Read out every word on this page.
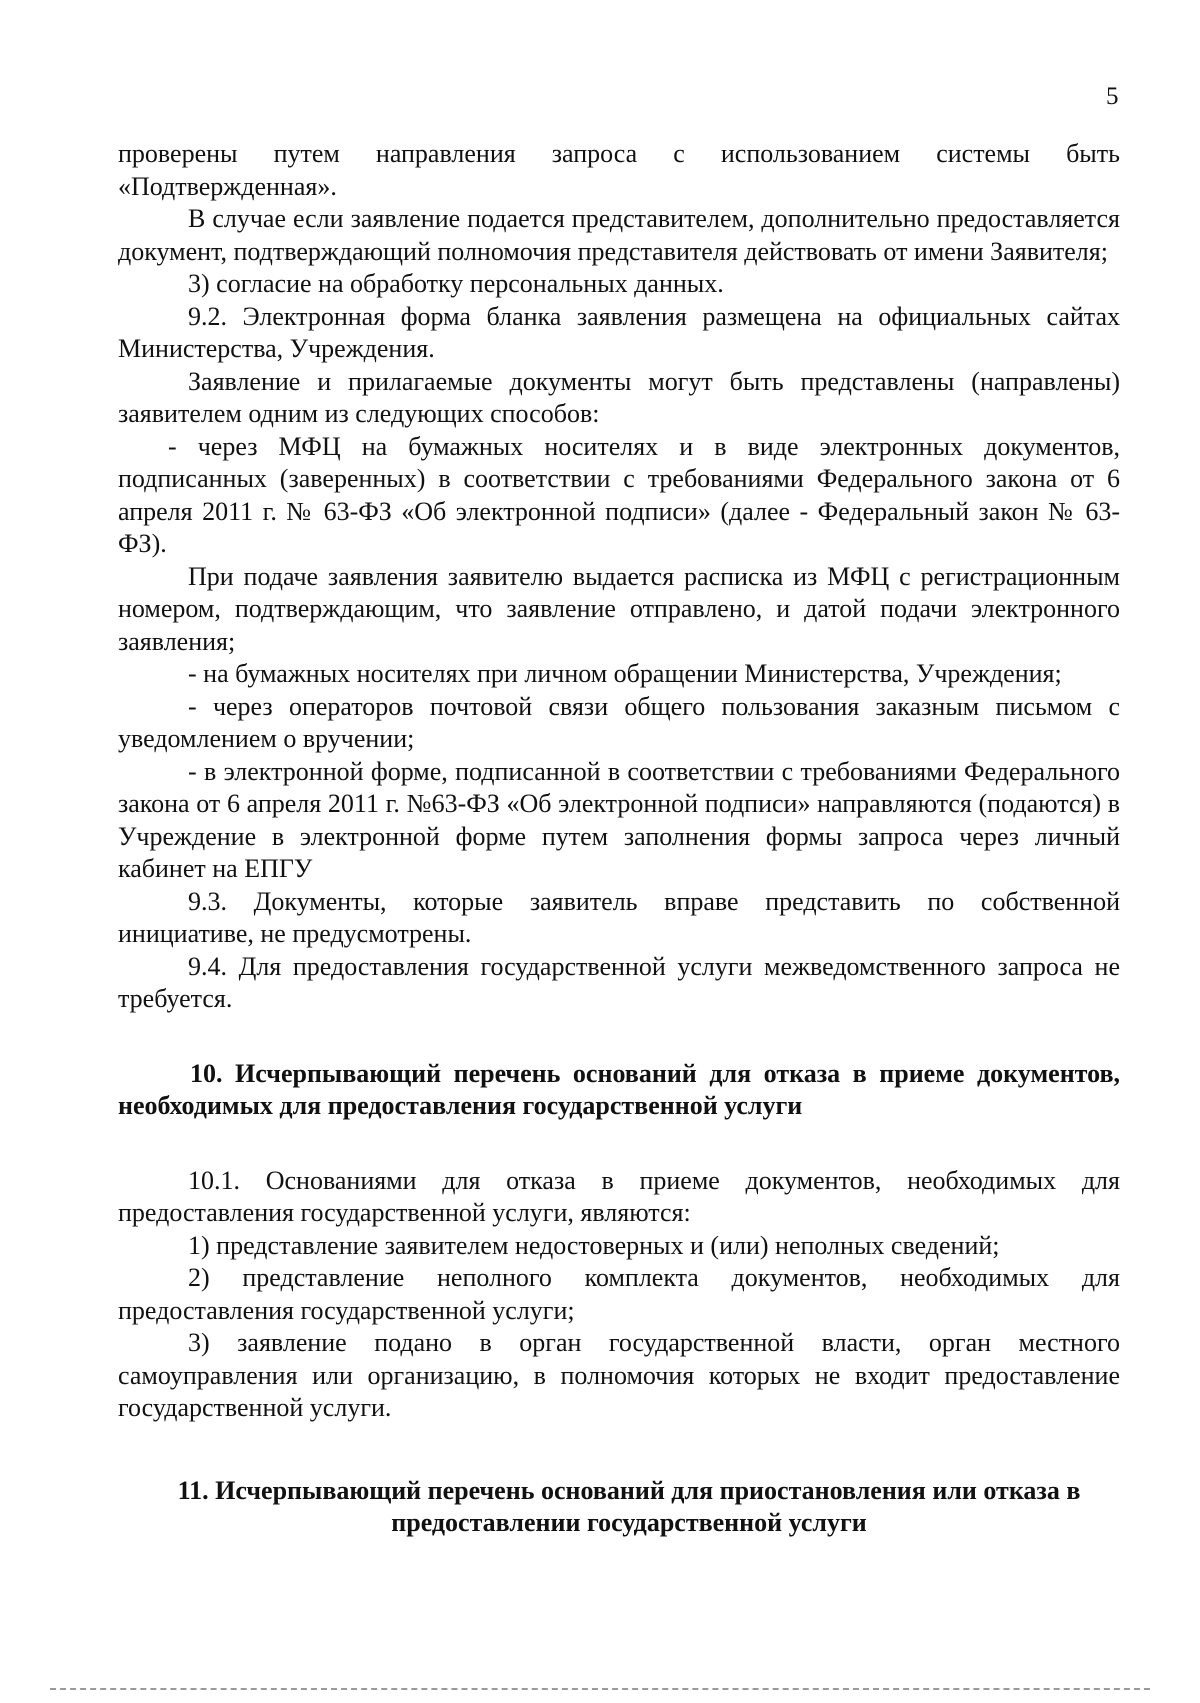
5

проверены путем направления запроса с использованием системы быть «Подтвержденная».

В случае если заявление подается представителем, дополнительно предоставляется документ, подтверждающий полномочия представителя действовать от имени Заявителя;

3) согласие на обработку персональных данных.

9.2. Электронная форма бланка заявления размещена на официальных сайтах Министерства, Учреждения.

Заявление и прилагаемые документы могут быть представлены (направлены) заявителем одним из следующих способов:

- через МФЦ на бумажных носителях и в виде электронных документов, подписанных (заверенных) в соответствии с требованиями Федерального закона от 6 апреля 2011 г. № 63-ФЗ «Об электронной подписи» (далее - Федеральный закон № 63-ФЗ).

При подаче заявления заявителю выдается расписка из МФЦ с регистрационным номером, подтверждающим, что заявление отправлено, и датой подачи электронного заявления;

- на бумажных носителях при личном обращении Министерства, Учреждения;

- через операторов почтовой связи общего пользования заказным письмом с уведомлением о вручении;

- в электронной форме, подписанной в соответствии с требованиями Федерального закона от 6 апреля 2011 г. №63-ФЗ «Об электронной подписи» направляются (подаются) в Учреждение в электронной форме путем заполнения формы запроса через личный кабинет на ЕПГУ

9.3. Документы, которые заявитель вправе представить по собственной инициативе, не предусмотрены.

9.4. Для предоставления государственной услуги межведомственного запроса не требуется.

10. Исчерпывающий перечень оснований для отказа в приеме документов, необходимых для предоставления государственной услуги

10.1. Основаниями для отказа в приеме документов, необходимых для предоставления государственной услуги, являются:

1) представление заявителем недостоверных и (или) неполных сведений;

2) представление неполного комплекта документов, необходимых для предоставления государственной услуги;

3) заявление подано в орган государственной власти, орган местного самоуправления или организацию, в полномочия которых не входит предоставление государственной услуги.

11. Исчерпывающий перечень оснований для приостановления или отказа в предоставлении государственной услуги
